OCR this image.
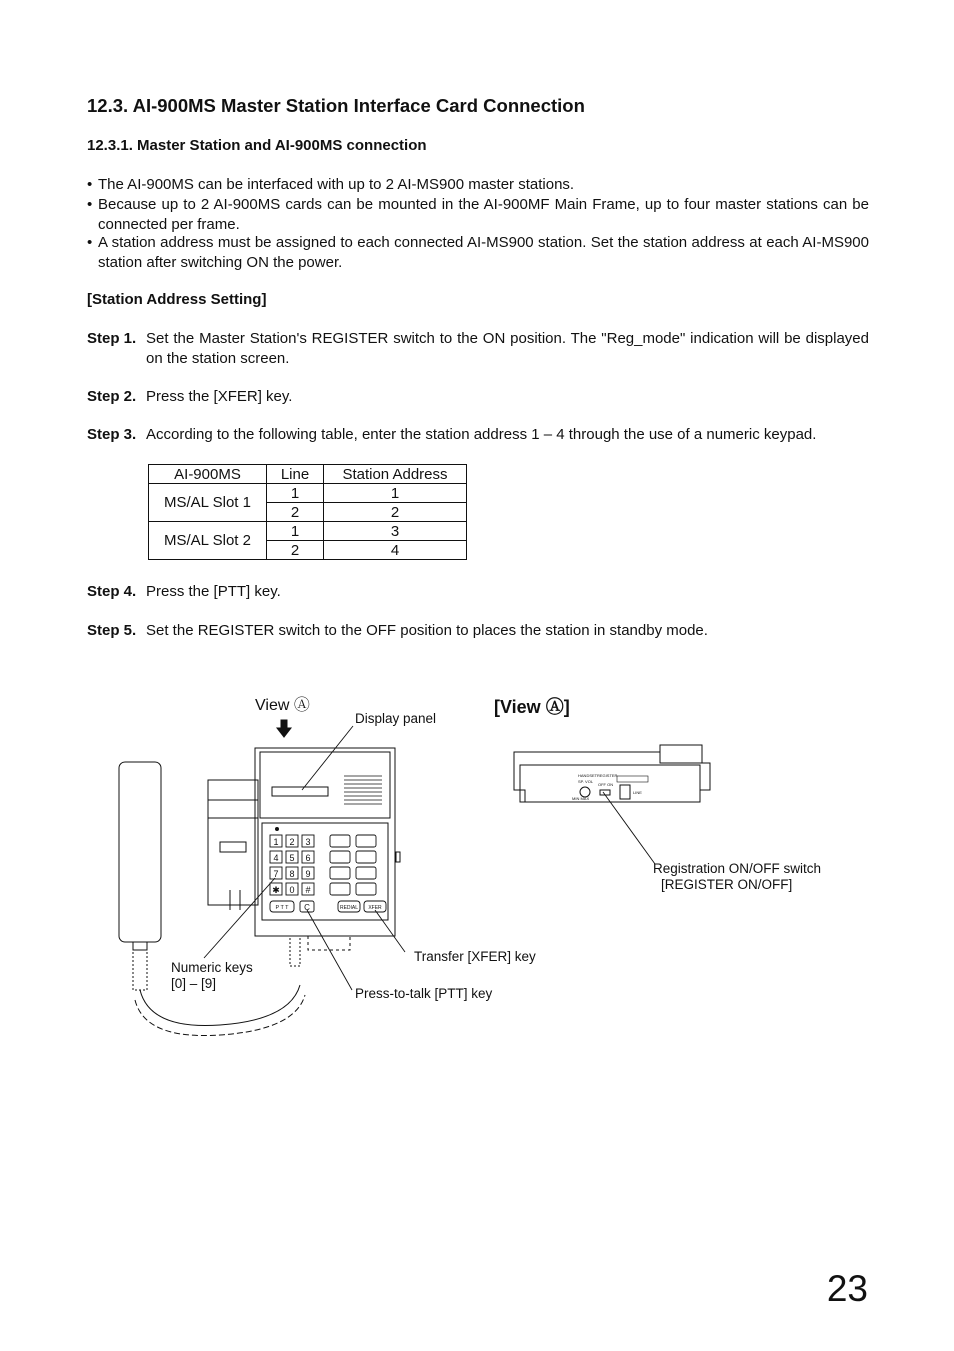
12.3. AI-900MS Master Station Interface Card Connection
12.3.1. Master Station and AI-900MS connection
• The AI-900MS can be interfaced with up to 2 AI-MS900 master stations.
• Because up to 2 AI-900MS cards can be mounted in the AI-900MF Main Frame, up to four master stations can be connected per frame.
• A station address must be assigned to each connected AI-MS900 station. Set the station address at each AI-MS900 station after switching ON the power.
[Station Address Setting]
Step 1. Set the Master Station's REGISTER switch to the ON position. The "Reg_mode" indication will be displayed on the station screen.
Step 2. Press the [XFER] key.
Step 3. According to the following table, enter the station address 1 – 4 through the use of a numeric keypad.
AI-900MS	Line	Station Address
MS/AL Slot 1	1	1
	2	2
MS/AL Slot 2	1	3
	2	4
Step 4. Press the [PTT] key.
Step 5. Set the REGISTER switch to the OFF position to places the station in standby mode.
View Ⓐ	[View Ⓐ]
Display panel
Numeric keys
[0] – [9]
Transfer [XFER] key
Press-to-talk [PTT] key
Registration ON/OFF switch
[REGISTER ON/OFF]
1 2 3
4 5 6
7 8 9
✱ 0 #
P T T C	REDIAL XFER
HANDSET
SP. VOL
REGISTER
OFF ON
MIN MAX
LINE
23
